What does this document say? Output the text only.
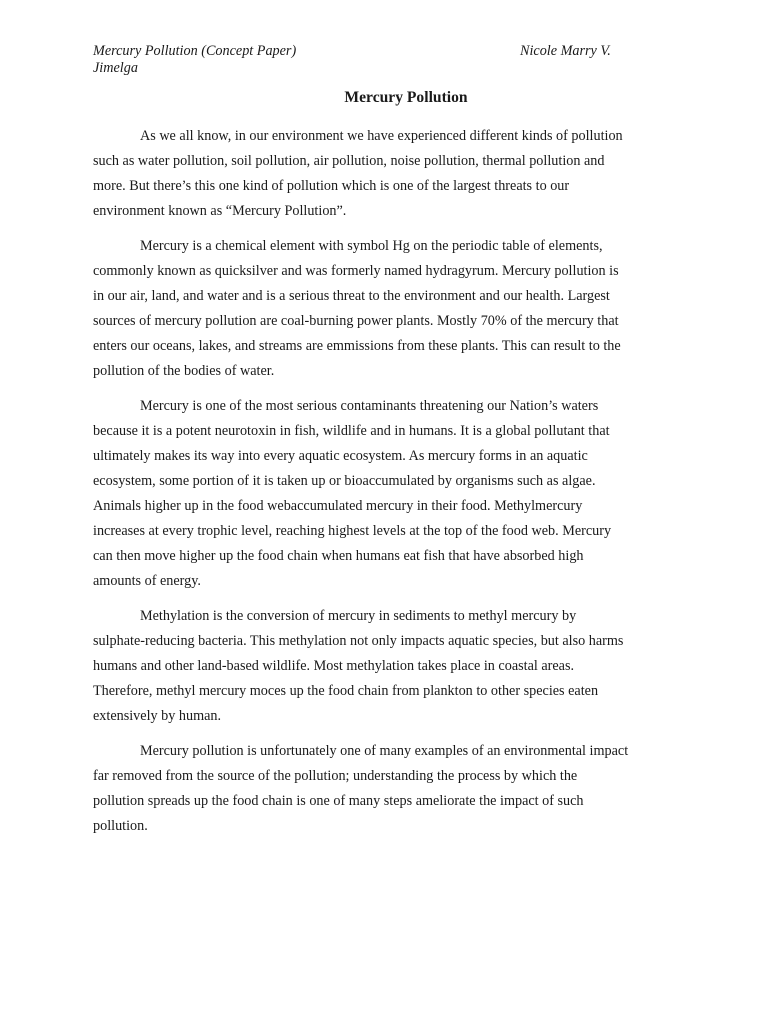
Mercury Pollution (Concept Paper)	Nicole Marry V.
Jimelga
Mercury Pollution
As we all know, in our environment we have experienced different kinds of pollution
such as water pollution, soil pollution, air pollution, noise pollution, thermal pollution and
more. But there’s this one kind of pollution which is one of the largest threats to our
environment known as “Mercury Pollution”.
Mercury is a chemical element with symbol Hg on the periodic table of elements,
commonly known as quicksilver and was formerly named hydragyrum. Mercury pollution is
in our air, land, and water and is a serious threat to the environment and our health. Largest
sources of mercury pollution are coal-burning power plants. Mostly 70% of the mercury that
enters our oceans, lakes, and streams are emmissions from these plants. This can result to the
pollution of the bodies of water.
Mercury is one of the most serious contaminants threatening our Nation’s waters
because it is a potent neurotoxin in fish, wildlife and in humans. It is a global pollutant that
ultimately makes its way into every aquatic ecosystem. As mercury forms in an aquatic
ecosystem, some portion of it is taken up or bioaccumulated by organisms such as algae.
Animals higher up in the food webaccumulated mercury in their food. Methylmercury
increases at every trophic level, reaching highest levels at the top of the food web. Mercury
can then move higher up the food chain when humans eat fish that have absorbed high
amounts of energy.
Methylation is the conversion of mercury in sediments to methyl mercury by
sulphate-reducing bacteria. This methylation not only impacts aquatic species, but also harms
humans and other land-based wildlife. Most methylation takes place in coastal areas.
Therefore, methyl mercury moces up the food chain from plankton to other species eaten
extensively by human.
Mercury pollution is unfortunately one of many examples of an environmental impact
far removed from the source of the pollution; understanding the process by which the
pollution spreads up the food chain is one of many steps ameliorate the impact of such
pollution.
